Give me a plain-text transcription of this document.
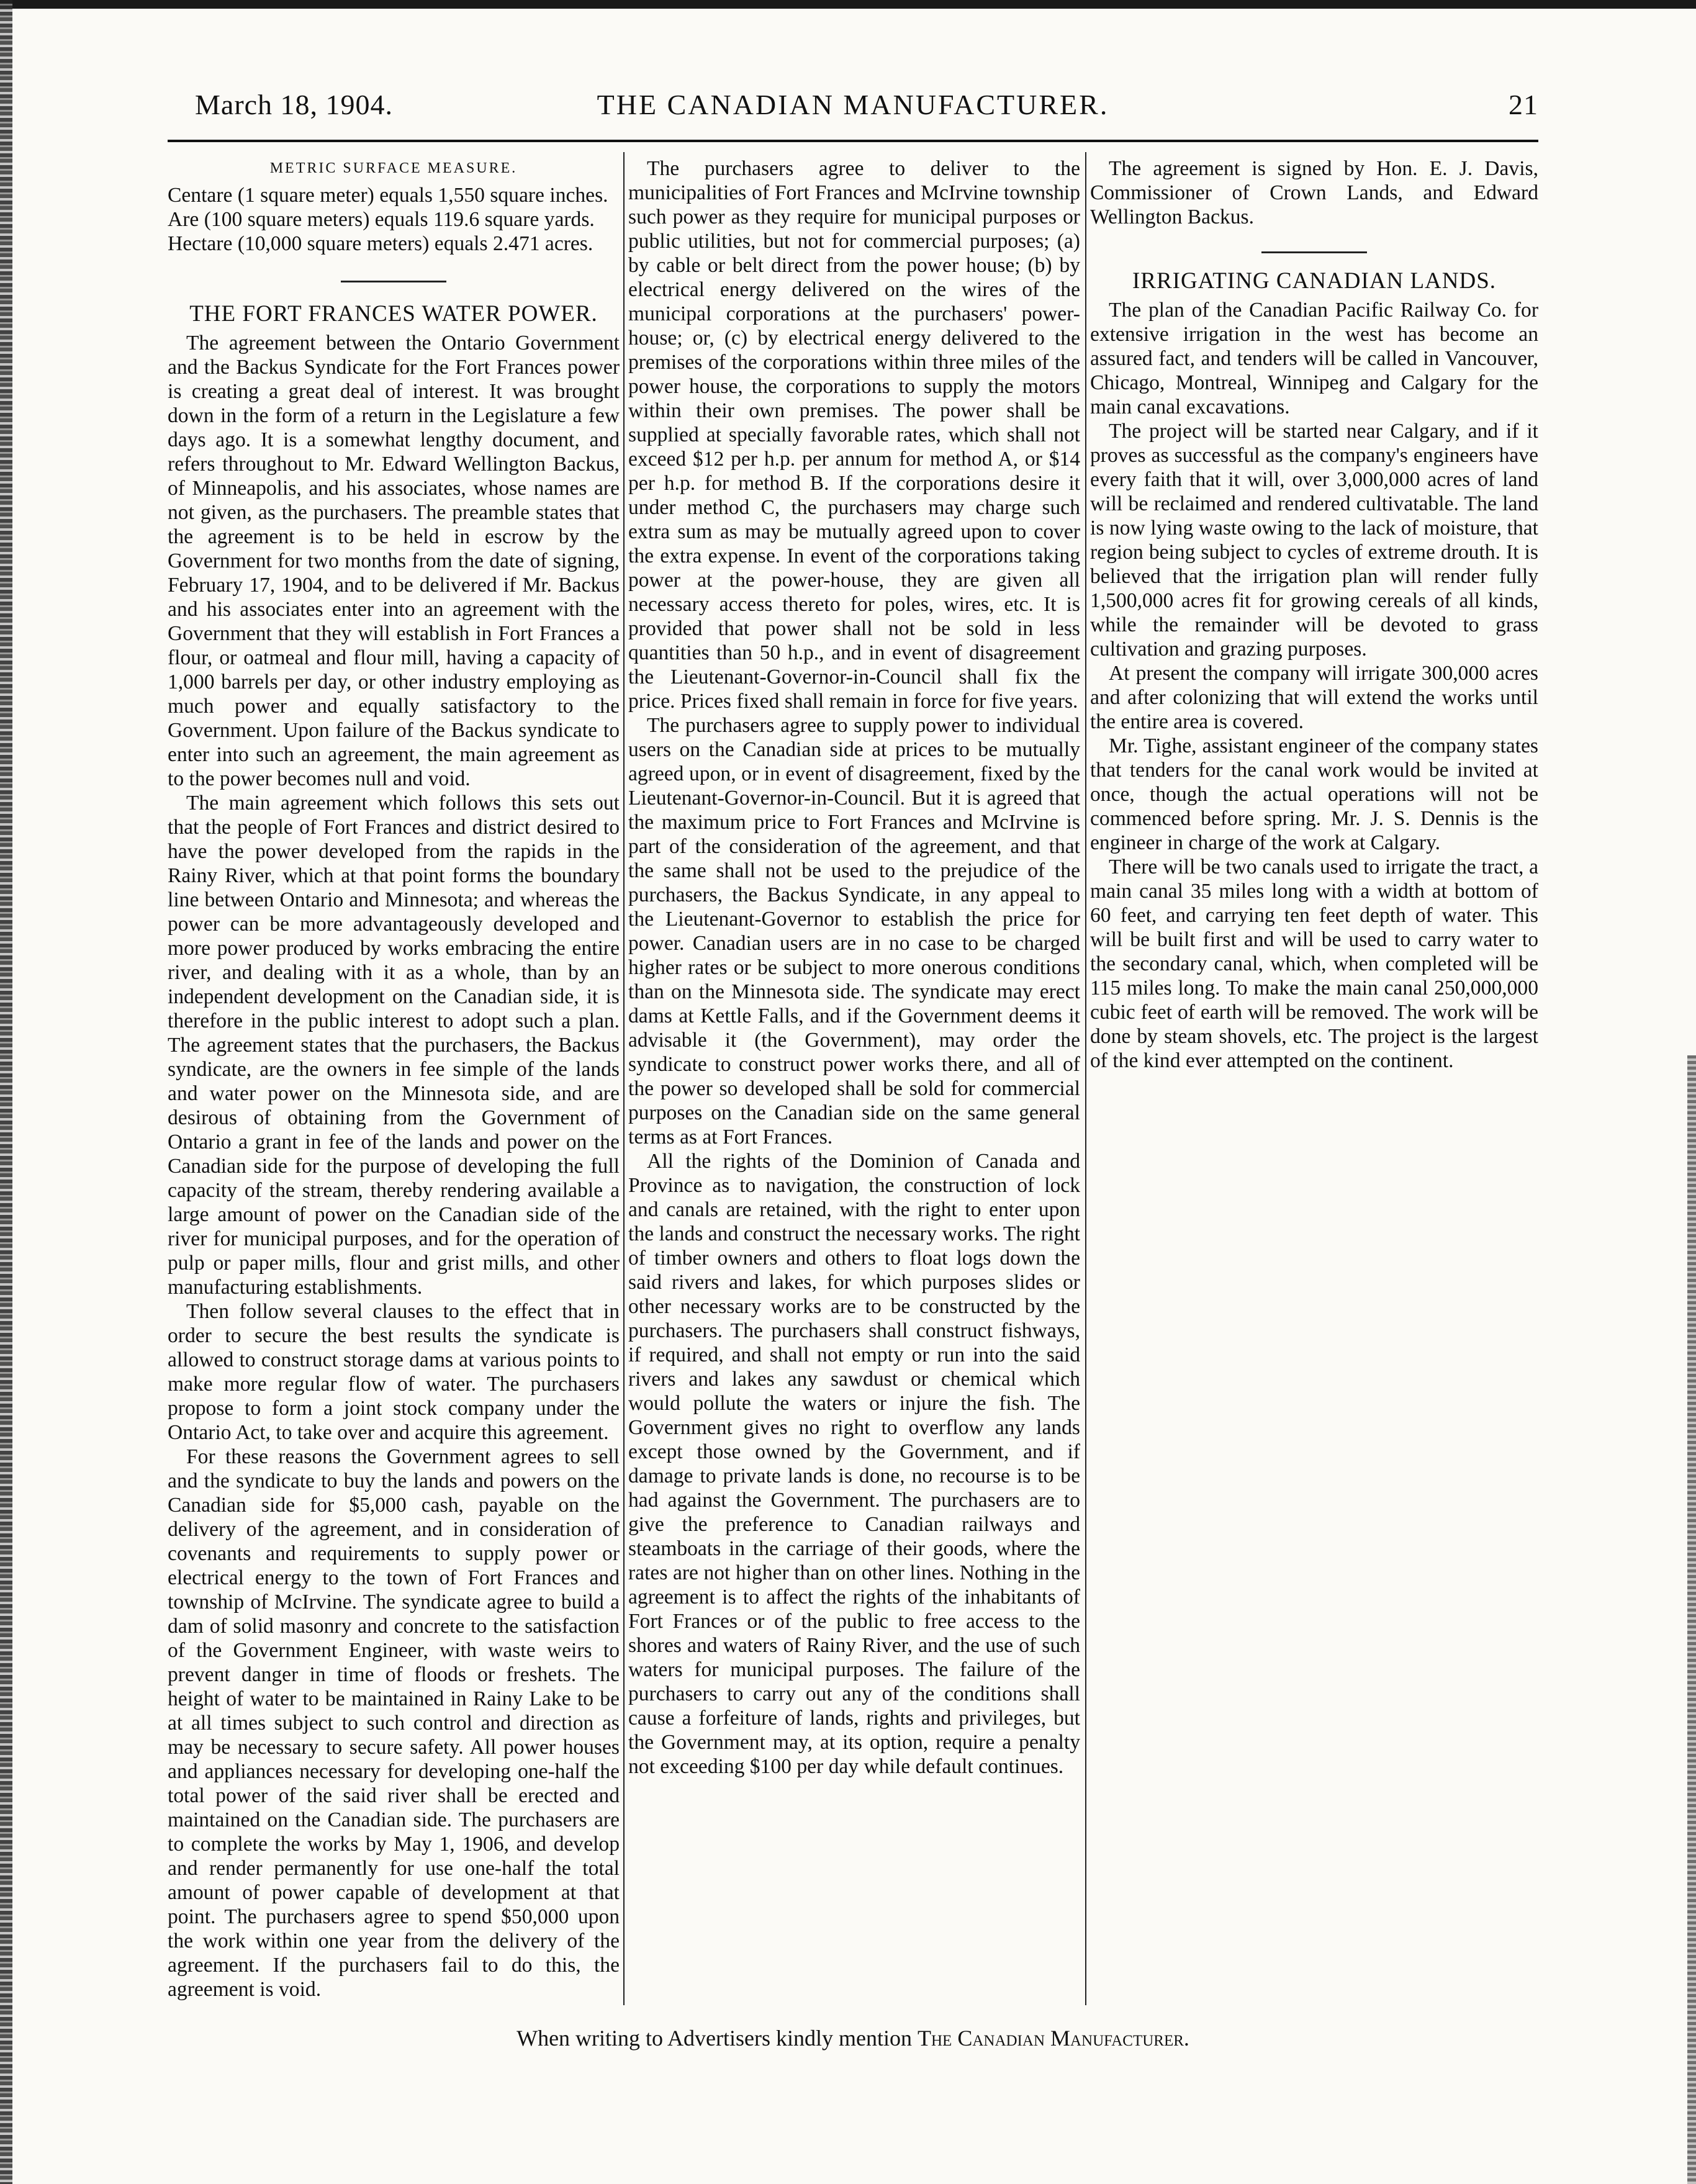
THE CANADIAN MANUFACTURER.
March 18, 1904.	21
METRIC SURFACE MEASURE.

Centare (1 square meter) equals 1,550 square inches.

Are (100 square meters) equals 119.6 square yards.

Hectare (10,000 square meters) equals 2.471 acres.

THE FORT FRANCES WATER POWER.

The agreement between the Ontario Government and the Backus Syndicate for the Fort Frances power is creating a great deal of interest. It was brought down in the form of a return in the Legislature a few days ago. It is a somewhat lengthy document, and refers throughout to Mr. Edward Wellington Backus, of Minneapolis, and his associates, whose names are not given, as the purchasers. The preamble states that the agreement is to be held in escrow by the Government for two months from the date of signing, February 17, 1904, and to be delivered if Mr. Backus and his associates enter into an agreement with the Government that they will establish in Fort Frances a flour, or oatmeal and flour mill, having a capacity of 1,000 barrels per day, or other industry employing as much power and equally satisfactory to the Government. Upon failure of the Backus syndicate to enter into such an agreement, the main agreement as to the power becomes null and void.

The main agreement which follows this sets out that the people of Fort Frances and district desired to have the power developed from the rapids in the Rainy River, which at that point forms the boundary line between Ontario and Minnesota; and whereas the power can be more advantageously developed and more power produced by works embracing the entire river, and dealing with it as a whole, than by an independent development on the Canadian side, it is therefore in the public interest to adopt such a plan. The agreement states that the purchasers, the Backus syndicate, are the owners in fee simple of the lands and water power on the Minnesota side, and are desirous of obtaining from the Government of Ontario a grant in fee of the lands and power on the Canadian side for the purpose of developing the full capacity of the stream, thereby rendering available a large amount of power on the Canadian side of the river for municipal purposes, and for the operation of pulp or paper mills, flour and grist mills, and other manufacturing establishments.

Then follow several clauses to the effect that in order to secure the best results the syndicate is allowed to construct storage dams at various points to make more regular flow of water. The purchasers propose to form a joint stock company under the Ontario Act, to take over and acquire this agreement.

For these reasons the Government agrees to sell and the syndicate to buy the lands and powers on the Canadian side for $5,000 cash, payable on the delivery of the agreement, and in consideration of covenants and requirements to supply power or electrical energy to the town of Fort Frances and township of McIrvine. The syndicate agree to build a dam of solid masonry and concrete to the satisfaction of the Government Engineer, with waste weirs to prevent danger in time of floods or freshets. The height of water to be maintained in Rainy Lake to be at all times subject to such control and direction as may be necessary to secure safety. All power houses and appliances necessary for developing one-half the total power of the said river shall be erected and maintained on the Canadian side. The purchasers are to complete the works by May 1, 1906, and develop and render permanently for use one-half the total amount of power capable of development at that point. The purchasers agree to spend $50,000 upon the work within one year from the delivery of the agreement. If the purchasers fail to do this, the agreement is void.

The purchasers agree to deliver to the municipalities of Fort Frances and McIrvine township such power as they require for municipal purposes or public utilities, but not for commercial purposes; (a) by cable or belt direct from the power house; (b) by electrical energy delivered on the wires of the municipal corporations at the purchasers' power-house; or, (c) by electrical energy delivered to the premises of the corporations within three miles of the power house, the corporations to supply the motors within their own premises. The power shall be supplied at specially favorable rates, which shall not exceed $12 per h.p. per annum for method A, or $14 per h.p. for method B. If the corporations desire it under method C, the purchasers may charge such extra sum as may be mutually agreed upon to cover the extra expense. In event of the corporations taking power at the power-house, they are given all necessary access thereto for poles, wires, etc. It is provided that power shall not be sold in less quantities than 50 h.p., and in event of disagreement the Lieutenant-Governor-in-Council shall fix the price. Prices fixed shall remain in force for five years.

The purchasers agree to supply power to individual users on the Canadian side at prices to be mutually agreed upon, or in event of disagreement, fixed by the Lieutenant-Governor-in-Council. But it is agreed that the maximum price to Fort Frances and McIrvine is part of the consideration of the agreement, and that the same shall not be used to the prejudice of the purchasers, the Backus Syndicate, in any appeal to the Lieutenant-Governor to establish the price for power. Canadian users are in no case to be charged higher rates or be subject to more onerous conditions than on the Minnesota side. The syndicate may erect dams at Kettle Falls, and if the Government deems it advisable it (the Government), may order the syndicate to construct power works there, and all of the power so developed shall be sold for commercial purposes on the Canadian side on the same general terms as at Fort Frances.

All the rights of the Dominion of Canada and Province as to navigation, the construction of lock and canals are retained, with the right to enter upon the lands and construct the necessary works. The right of timber owners and others to float logs down the said rivers and lakes, for which purposes slides or other necessary works are to be constructed by the purchasers. The purchasers shall construct fishways, if required, and shall not empty or run into the said rivers and lakes any sawdust or chemical which would pollute the waters or injure the fish. The Government gives no right to overflow any lands except those owned by the Government, and if damage to private lands is done, no recourse is to be had against the Government. The purchasers are to give the preference to Canadian railways and steamboats in the carriage of their goods, where the rates are not higher than on other lines. Nothing in the agreement is to affect the rights of the inhabitants of Fort Frances or of the public to free access to the shores and waters of Rainy River, and the use of such waters for municipal purposes. The failure of the purchasers to carry out any of the conditions shall cause a forfeiture of lands, rights and privileges, but the Government may, at its option, require a penalty not exceeding $100 per day while default continues.

The agreement is signed by Hon. E. J. Davis, Commissioner of Crown Lands, and Edward Wellington Backus.

IRRIGATING CANADIAN LANDS.

The plan of the Canadian Pacific Railway Co. for extensive irrigation in the west has become an assured fact, and tenders will be called in Vancouver, Chicago, Montreal, Winnipeg and Calgary for the main canal excavations.

The project will be started near Calgary, and if it proves as successful as the company's engineers have every faith that it will, over 3,000,000 acres of land will be reclaimed and rendered cultivatable. The land is now lying waste owing to the lack of moisture, that region being subject to cycles of extreme drouth. It is believed that the irrigation plan will render fully 1,500,000 acres fit for growing cereals of all kinds, while the remainder will be devoted to grass cultivation and grazing purposes.

At present the company will irrigate 300,000 acres and after colonizing that will extend the works until the entire area is covered.

Mr. Tighe, assistant engineer of the company states that tenders for the canal work would be invited at once, though the actual operations will not be commenced before spring. Mr. J. S. Dennis is the engineer in charge of the work at Calgary.

There will be two canals used to irrigate the tract, a main canal 35 miles long with a width at bottom of 60 feet, and carrying ten feet depth of water. This will be built first and will be used to carry water to the secondary canal, which, when completed will be 115 miles long. To make the main canal 250,000,000 cubic feet of earth will be removed. The work will be done by steam shovels, etc. The project is the largest of the kind ever attempted on the continent.

When writing to Advertisers kindly mention The Canadian Manufacturer.
